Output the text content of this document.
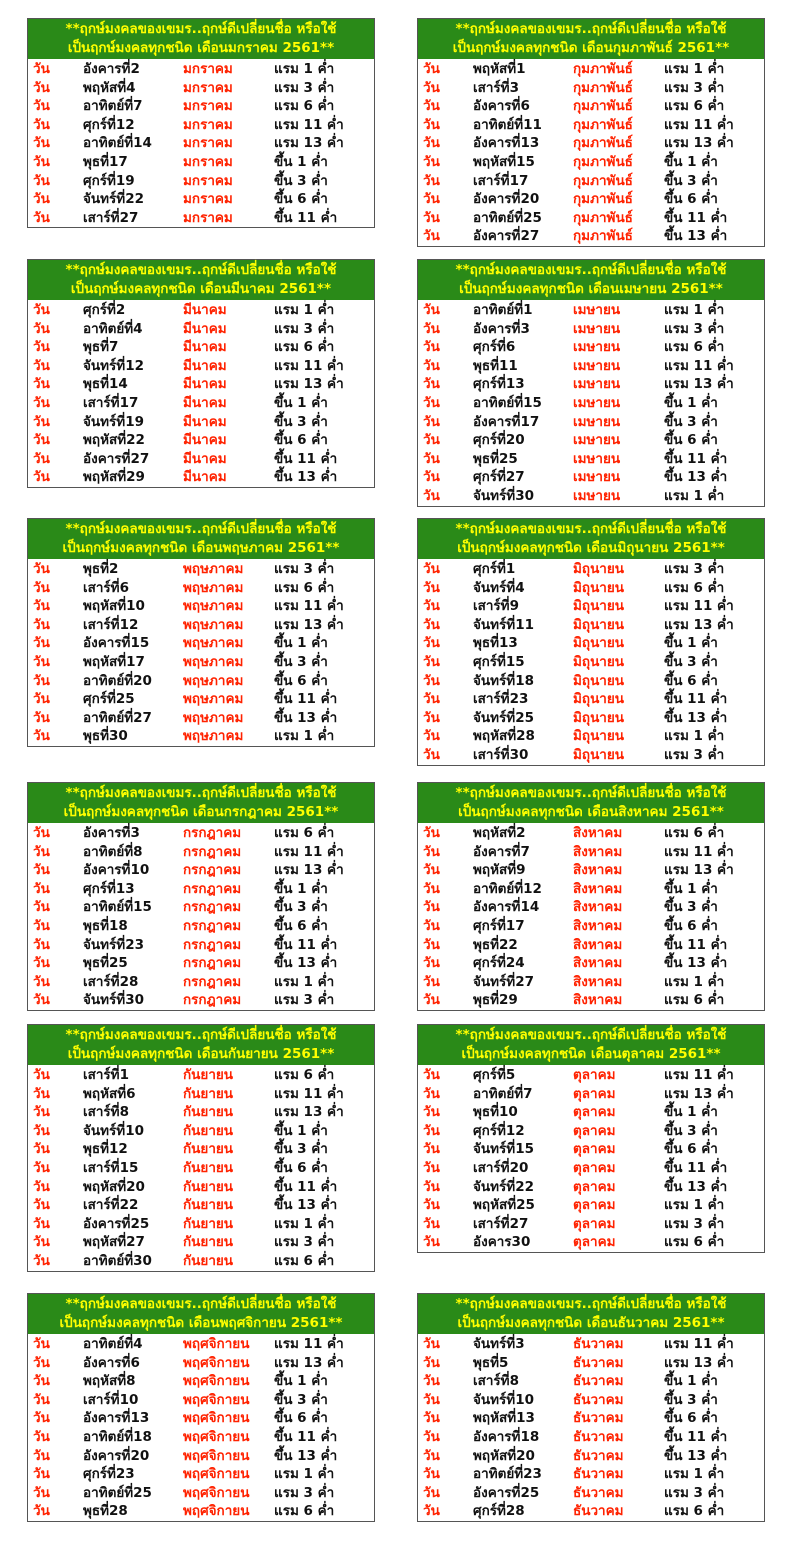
**ฤกษ์มงคลของเขมร..ฤกษ์ดีเปลี่ยนชื่อ หรือใช้
เป็นฤกษ์มงคลทุกชนิด เดือนมกราคม 2561**
วัน อังคารที่2	มกราคม	แรม 1 ค่ำ
วัน พฤหัสที่4	มกราคม	แรม 3 ค่ำ
วัน อาทิตย์ที่7	มกราคม	แรม 6 ค่ำ
วัน ศุกร์ที่12	มกราคม	แรม 11 ค่ำ
วัน อาทิตย์ที่14 มกราคม	แรม 13 ค่ำ
วัน พุธที่17	มกราคม	ขึ้น 1 ค่ำ
วัน ศุกร์ที่19	มกราคม	ขึ้น 3 ค่ำ
วัน จันทร์ที่22	มกราคม	ขึ้น 6 ค่ำ
วัน เสาร์ที่27	มกราคม	ขึ้น 11 ค่ำ
**ฤกษ์มงคลของเขมร..ฤกษ์ดีเปลี่ยนชื่อ หรือใช้
เป็นฤกษ์มงคลทุกชนิด เดือนกุมภาพันธ์ 2561**
วัน พฤหัสที่1	กุมภาพันธ์ แรม 1 ค่ำ
วัน เสาร์ที่3	กุมภาพันธ์ แรม 3 ค่ำ
วัน อังคารที่6	กุมภาพันธ์ แรม 6 ค่ำ
วัน อาทิตย์ที่11 กุมภาพันธ์ แรม 11 ค่ำ
วัน อังคารที่13	กุมภาพันธ์ แรม 13 ค่ำ
วัน พฤหัสที่15	กุมภาพันธ์ ขึ้น 1 ค่ำ
วัน เสาร์ที่17	กุมภาพันธ์ ขึ้น 3 ค่ำ
วัน อังคารที่20	กุมภาพันธ์ ขึ้น 6 ค่ำ
วัน อาทิตย์ที่25 กุมภาพันธ์ ขึ้น 11 ค่ำ
วัน อังคารที่27	กุมภาพันธ์ ขึ้น 13 ค่ำ
**ฤกษ์มงคลของเขมร..ฤกษ์ดีเปลี่ยนชื่อ หรือใช้
เป็นฤกษ์มงคลทุกชนิด เดือนมีนาคม 2561**
วัน ศุกร์ที่2	มีนาคม	แรม 1 ค่ำ
วัน อาทิตย์ที่4	มีนาคม	แรม 3 ค่ำ
วัน พุธที่7	มีนาคม	แรม 6 ค่ำ
วัน จันทร์ที่12	มีนาคม	แรม 11 ค่ำ
วัน พุธที่14	มีนาคม	แรม 13 ค่ำ
วัน เสาร์ที่17	มีนาคม	ขึ้น 1 ค่ำ
วัน จันทร์ที่19	มีนาคม	ขึ้น 3 ค่ำ
วัน พฤหัสที่22	มีนาคม	ขึ้น 6 ค่ำ
วัน อังคารที่27	มีนาคม	ขึ้น 11 ค่ำ
วัน พฤหัสที่29	มีนาคม	ขึ้น 13 ค่ำ
**ฤกษ์มงคลของเขมร..ฤกษ์ดีเปลี่ยนชื่อ หรือใช้
เป็นฤกษ์มงคลทุกชนิด เดือนเมษายน 2561**
วัน อาทิตย์ที่1	เมษายน	แรม 1 ค่ำ
วัน อังคารที่3	เมษายน	แรม 3 ค่ำ
วัน ศุกร์ที่6	เมษายน	แรม 6 ค่ำ
วัน พุธที่11	เมษายน	แรม 11 ค่ำ
วัน ศุกร์ที่13	เมษายน	แรม 13 ค่ำ
วัน อาทิตย์ที่15 เมษายน	ขึ้น 1 ค่ำ
วัน อังคารที่17	เมษายน	ขึ้น 3 ค่ำ
วัน ศุกร์ที่20	เมษายน	ขึ้น 6 ค่ำ
วัน พุธที่25	เมษายน	ขึ้น 11 ค่ำ
วัน ศุกร์ที่27	เมษายน	ขึ้น 13 ค่ำ
วัน จันทร์ที่30	เมษายน	แรม 1 ค่ำ
**ฤกษ์มงคลของเขมร..ฤกษ์ดีเปลี่ยนชื่อ หรือใช้
เป็นฤกษ์มงคลทุกชนิด เดือนพฤษภาคม 2561**
วัน พุธที่2	พฤษภาคม แรม 3 ค่ำ
วัน เสาร์ที่6	พฤษภาคม แรม 6 ค่ำ
วัน พฤหัสที่10	พฤษภาคม แรม 11 ค่ำ
วัน เสาร์ที่12	พฤษภาคม แรม 13 ค่ำ
วัน อังคารที่15	พฤษภาคม ขึ้น 1 ค่ำ
วัน พฤหัสที่17	พฤษภาคม ขึ้น 3 ค่ำ
วัน อาทิตย์ที่20 พฤษภาคม ขึ้น 6 ค่ำ
วัน ศุกร์ที่25	พฤษภาคม ขึ้น 11 ค่ำ
วัน อาทิตย์ที่27 พฤษภาคม ขึ้น 13 ค่ำ
วัน พุธที่30	พฤษภาคม แรม 1 ค่ำ
**ฤกษ์มงคลของเขมร..ฤกษ์ดีเปลี่ยนชื่อ หรือใช้
เป็นฤกษ์มงคลทุกชนิด เดือนมิถุนายน 2561**
วัน ศุกร์ที่1	มิถุนายน	แรม 3 ค่ำ
วัน จันทร์ที่4	มิถุนายน	แรม 6 ค่ำ
วัน เสาร์ที่9	มิถุนายน	แรม 11 ค่ำ
วัน จันทร์ที่11	มิถุนายน	แรม 13 ค่ำ
วัน พุธที่13	มิถุนายน	ขึ้น 1 ค่ำ
วัน ศุกร์ที่15	มิถุนายน	ขึ้น 3 ค่ำ
วัน จันทร์ที่18	มิถุนายน	ขึ้น 6 ค่ำ
วัน เสาร์ที่23	มิถุนายน	ขึ้น 11 ค่ำ
วัน จันทร์ที่25	มิถุนายน	ขึ้น 13 ค่ำ
วัน พฤหัสที่28	มิถุนายน	แรม 1 ค่ำ
วัน เสาร์ที่30	มิถุนายน	แรม 3 ค่ำ
**ฤกษ์มงคลของเขมร..ฤกษ์ดีเปลี่ยนชื่อ หรือใช้
เป็นฤกษ์มงคลทุกชนิด เดือนกรกฎาคม 2561**
วัน อังคารที่3	กรกฎาคม แรม 6 ค่ำ
วัน อาทิตย์ที่8	กรกฎาคม แรม 11 ค่ำ
วัน อังคารที่10	กรกฎาคม แรม 13 ค่ำ
วัน ศุกร์ที่13	กรกฎาคม ขึ้น 1 ค่ำ
วัน อาทิตย์ที่15 กรกฎาคม ขึ้น 3 ค่ำ
วัน พุธที่18	กรกฎาคม ขึ้น 6 ค่ำ
วัน จันทร์ที่23	กรกฎาคม ขึ้น 11 ค่ำ
วัน พุธที่25	กรกฎาคม ขึ้น 13 ค่ำ
วัน เสาร์ที่28	กรกฎาคม แรม 1 ค่ำ
วัน จันทร์ที่30	กรกฎาคม แรม 3 ค่ำ
**ฤกษ์มงคลของเขมร..ฤกษ์ดีเปลี่ยนชื่อ หรือใช้
เป็นฤกษ์มงคลทุกชนิด เดือนสิงหาคม 2561**
วัน พฤหัสที่2	สิงหาคม	แรม 6 ค่ำ
วัน อังคารที่7	สิงหาคม	แรม 11 ค่ำ
วัน พฤหัสที่9	สิงหาคม	แรม 13 ค่ำ
วัน อาทิตย์ที่12 สิงหาคม	ขึ้น 1 ค่ำ
วัน อังคารที่14	สิงหาคม	ขึ้น 3 ค่ำ
วัน ศุกร์ที่17	สิงหาคม	ขึ้น 6 ค่ำ
วัน พุธที่22	สิงหาคม	ขึ้น 11 ค่ำ
วัน ศุกร์ที่24	สิงหาคม	ขึ้น 13 ค่ำ
วัน จันทร์ที่27	สิงหาคม	แรม 1 ค่ำ
วัน พุธที่29	สิงหาคม	แรม 6 ค่ำ
**ฤกษ์มงคลของเขมร..ฤกษ์ดีเปลี่ยนชื่อ หรือใช้
เป็นฤกษ์มงคลทุกชนิด เดือนกันยายน 2561**
วัน เสาร์ที่1	กันยายน	แรม 6 ค่ำ
วัน พฤหัสที่6	กันยายน	แรม 11 ค่ำ
วัน เสาร์ที่8	กันยายน	แรม 13 ค่ำ
วัน จันทร์ที่10	กันยายน	ขึ้น 1 ค่ำ
วัน พุธที่12	กันยายน	ขึ้น 3 ค่ำ
วัน เสาร์ที่15	กันยายน	ขึ้น 6 ค่ำ
วัน พฤหัสที่20	กันยายน	ขึ้น 11 ค่ำ
วัน เสาร์ที่22	กันยายน	ขึ้น 13 ค่ำ
วัน อังคารที่25	กันยายน	แรม 1 ค่ำ
วัน พฤหัสที่27	กันยายน	แรม 3 ค่ำ
วัน อาทิตย์ที่30 กันยายน	แรม 6 ค่ำ
**ฤกษ์มงคลของเขมร..ฤกษ์ดีเปลี่ยนชื่อ หรือใช้
เป็นฤกษ์มงคลทุกชนิด เดือนตุลาคม 2561**
วัน ศุกร์ที่5	ตุลาคม	แรม 11 ค่ำ
วัน อาทิตย์ที่7	ตุลาคม	แรม 13 ค่ำ
วัน พุธที่10	ตุลาคม	ขึ้น 1 ค่ำ
วัน ศุกร์ที่12	ตุลาคม	ขึ้น 3 ค่ำ
วัน จันทร์ที่15	ตุลาคม	ขึ้น 6 ค่ำ
วัน เสาร์ที่20	ตุลาคม	ขึ้น 11 ค่ำ
วัน จันทร์ที่22	ตุลาคม	ขึ้น 13 ค่ำ
วัน พฤหัสที่25	ตุลาคม	แรม 1 ค่ำ
วัน เสาร์ที่27	ตุลาคม	แรม 3 ค่ำ
วัน อังคาร30	ตุลาคม	แรม 6 ค่ำ
**ฤกษ์มงคลของเขมร..ฤกษ์ดีเปลี่ยนชื่อ หรือใช้
เป็นฤกษ์มงคลทุกชนิด เดือนพฤศจิกายน 2561**
วัน อาทิตย์ที่4	พฤศจิกายน แรม 11 ค่ำ
วัน อังคารที่6	พฤศจิกายน แรม 13 ค่ำ
วัน พฤหัสที่8	พฤศจิกายน ขึ้น 1 ค่ำ
วัน เสาร์ที่10	พฤศจิกายน ขึ้น 3 ค่ำ
วัน อังคารที่13	พฤศจิกายน ขึ้น 6 ค่ำ
วัน อาทิตย์ที่18 พฤศจิกายน ขึ้น 11 ค่ำ
วัน อังคารที่20	พฤศจิกายน ขึ้น 13 ค่ำ
วัน ศุกร์ที่23	พฤศจิกายน แรม 1 ค่ำ
วัน อาทิตย์ที่25 พฤศจิกายน แรม 3 ค่ำ
วัน พุธที่28	พฤศจิกายน แรม 6 ค่ำ
**ฤกษ์มงคลของเขมร..ฤกษ์ดีเปลี่ยนชื่อ หรือใช้
เป็นฤกษ์มงคลทุกชนิด เดือนธันวาคม 2561**
วัน จันทร์ที่3	ธันวาคม	แรม 11 ค่ำ
วัน พุธที่5	ธันวาคม	แรม 13 ค่ำ
วัน เสาร์ที่8	ธันวาคม	ขึ้น 1 ค่ำ
วัน จันทร์ที่10	ธันวาคม	ขึ้น 3 ค่ำ
วัน พฤหัสที่13	ธันวาคม	ขึ้น 6 ค่ำ
วัน อังคารที่18	ธันวาคม	ขึ้น 11 ค่ำ
วัน พฤหัสที่20	ธันวาคม	ขึ้น 13 ค่ำ
วัน อาทิตย์ที่23 ธันวาคม	แรม 1 ค่ำ
วัน อังคารที่25	ธันวาคม	แรม 3 ค่ำ
วัน ศุกร์ที่28	ธันวาคม	แรม 6 ค่ำ
